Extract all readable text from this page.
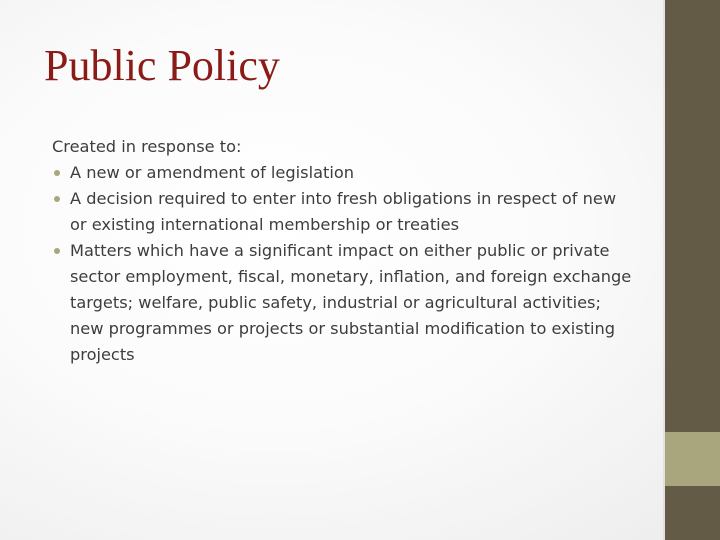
Public Policy

Created in response to:

A new or amendment of legislation
A decision required to enter into fresh obligations in respect of new or existing international membership or treaties
Matters which have a significant impact on either public or private sector employment, fiscal, monetary, inflation, and foreign exchange targets; welfare, public safety, industrial or agricultural activities; new programmes or projects or substantial modification to existing projects
